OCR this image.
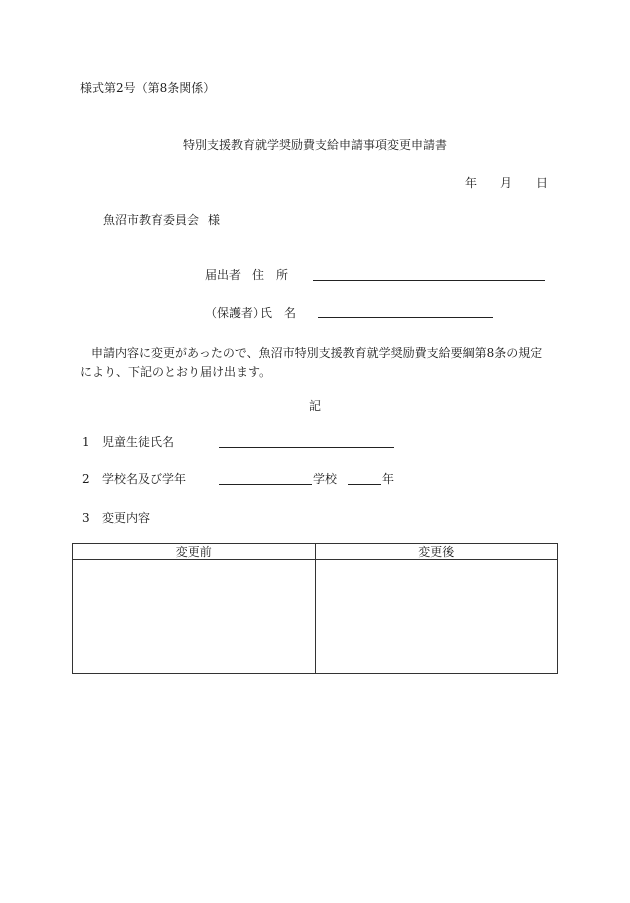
様式第2号（第8条関係）
特別支援教育就学奨励費支給申請事項変更申請書
年 月 日
魚沼市教育委員会 様
届出者 住　所
（保護者）
氏　名
申請内容に変更があったので、魚沼市特別支援教育就学奨励費支給要綱第8条の規定により、下記のとおり届け出ます。
記
1 児童生徒氏名
2 学校名及び学年	学校	年
3 変更内容
変更前	変更後
